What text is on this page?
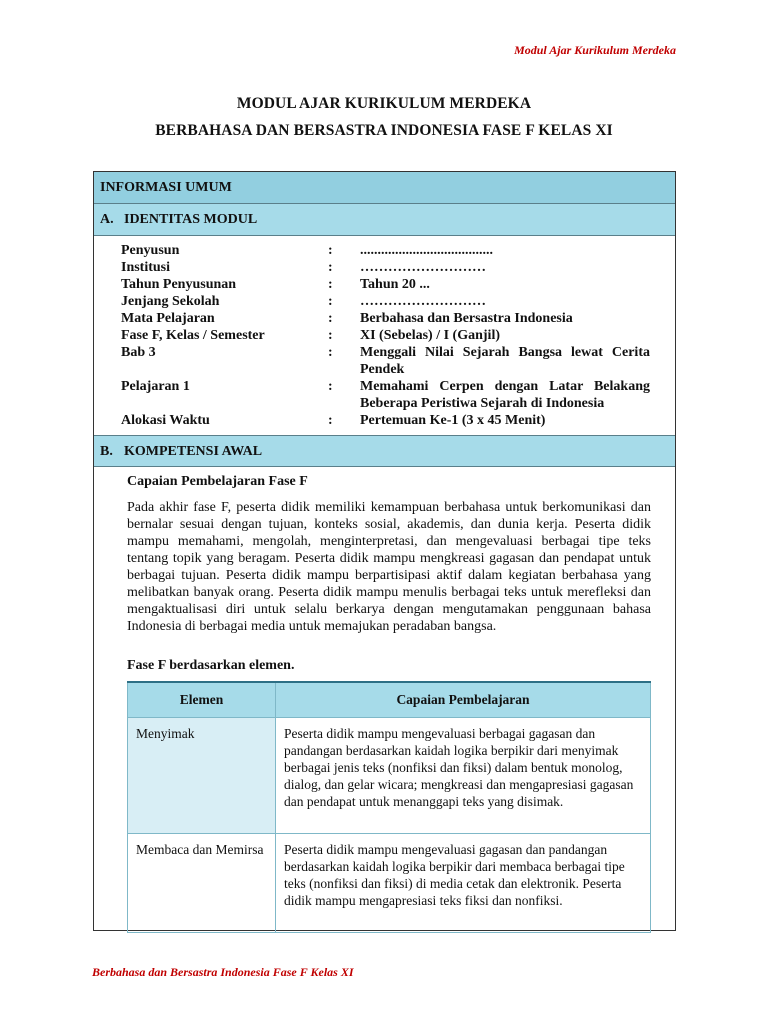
Modul Ajar Kurikulum Merdeka
MODUL AJAR KURIKULUM MERDEKA
BERBAHASA DAN BERSASTRA INDONESIA FASE F KELAS XI
INFORMASI UMUM
A. IDENTITAS MODUL
Penyusun	: ......................................
Institusi	: ………………………
Tahun Penyusunan	: Tahun 20 ...
Jenjang Sekolah	: ………………………
Mata Pelajaran	: Berbahasa dan Bersastra Indonesia
Fase F, Kelas / Semester	: XI (Sebelas) / I (Ganjil)
Bab 3	: Menggali Nilai Sejarah Bangsa lewat Cerita Pendek
Pelajaran 1	: Memahami Cerpen dengan Latar Belakang Beberapa Peristiwa Sejarah di Indonesia
Alokasi Waktu	: Pertemuan Ke-1 (3 x 45 Menit)
B. KOMPETENSI AWAL
Capaian Pembelajaran Fase F
Pada akhir fase F, peserta didik memiliki kemampuan berbahasa untuk berkomunikasi dan bernalar sesuai dengan tujuan, konteks sosial, akademis, dan dunia kerja. Peserta didik mampu memahami, mengolah, menginterpretasi, dan mengevaluasi berbagai tipe teks tentang topik yang beragam. Peserta didik mampu mengkreasi gagasan dan pendapat untuk berbagai tujuan. Peserta didik mampu berpartisipasi aktif dalam kegiatan berbahasa yang melibatkan banyak orang. Peserta didik mampu menulis berbagai teks untuk merefleksi dan mengaktualisasi diri untuk selalu berkarya dengan mengutamakan penggunaan bahasa Indonesia di berbagai media untuk memajukan peradaban bangsa.
Fase F berdasarkan elemen.
Elemen	Capaian Pembelajaran
Menyimak	Peserta didik mampu mengevaluasi berbagai gagasan dan pandangan berdasarkan kaidah logika berpikir dari menyimak berbagai jenis teks (nonfiksi dan fiksi) dalam bentuk monolog, dialog, dan gelar wicara; mengkreasi dan mengapresiasi gagasan dan pendapat untuk menanggapi teks yang disimak.
Membaca dan Memirsa	Peserta didik mampu mengevaluasi gagasan dan pandangan berdasarkan kaidah logika berpikir dari membaca berbagai tipe teks (nonfiksi dan fiksi) di media cetak dan elektronik. Peserta didik mampu mengapresiasi teks fiksi dan nonfiksi.
Berbahasa dan Bersastra Indonesia Fase F Kelas XI
